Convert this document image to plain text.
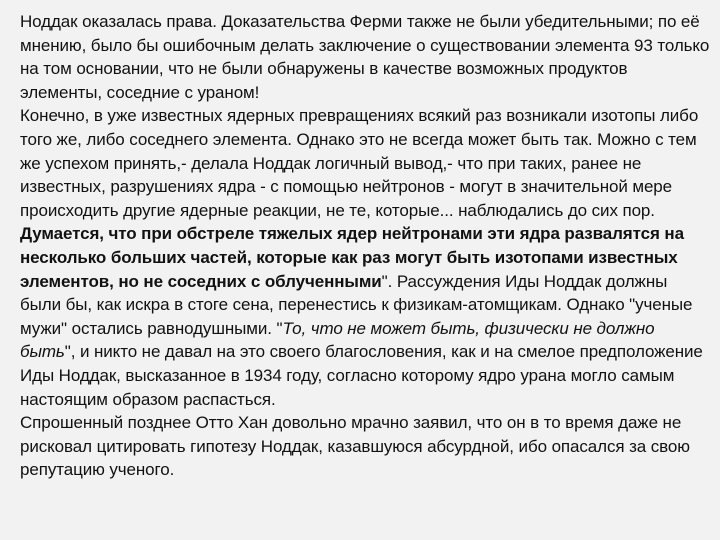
Ноддак оказалась права. Доказательства Ферми также не были убедительными; по её мнению, было бы ошибочным делать заключение о существовании элемента 93 только на том основании, что не были обнаружены в качестве возможных продуктов элементы, соседние с ураном!

Конечно, в уже известных ядерных превращениях всякий раз возникали изотопы либо того же, либо соседнего элемента. Однако это не всегда может быть так. Можно с тем же успехом принять,- делала Ноддак логичный вывод,- что при таких, ранее не известных, разрушениях ядра - с помощью нейтронов - могут в значительной мере происходить другие ядерные реакции, не те, которые... наблюдались до сих пор. Думается, что при обстреле тяжелых ядер нейтронами эти ядра развалятся на несколько больших частей, которые как раз могут быть изотопами известных элементов, но не соседних с облученными". Рассуждения Иды Ноддак должны были бы, как искра в стоге сена, перенестись к физикам-атомщикам. Однако "ученые мужи" остались равнодушными. "То, что не может быть, физически не должно быть", и никто не давал на это своего благословения, как и на смелое предположение Иды Ноддак, высказанное в 1934 году, согласно которому ядро урана могло самым настоящим образом распасться.

Спрошенный позднее Отто Хан довольно мрачно заявил, что он в то время даже не рисковал цитировать гипотезу Ноддак, казавшуюся абсурдной, ибо опасался за свою репутацию ученого.
